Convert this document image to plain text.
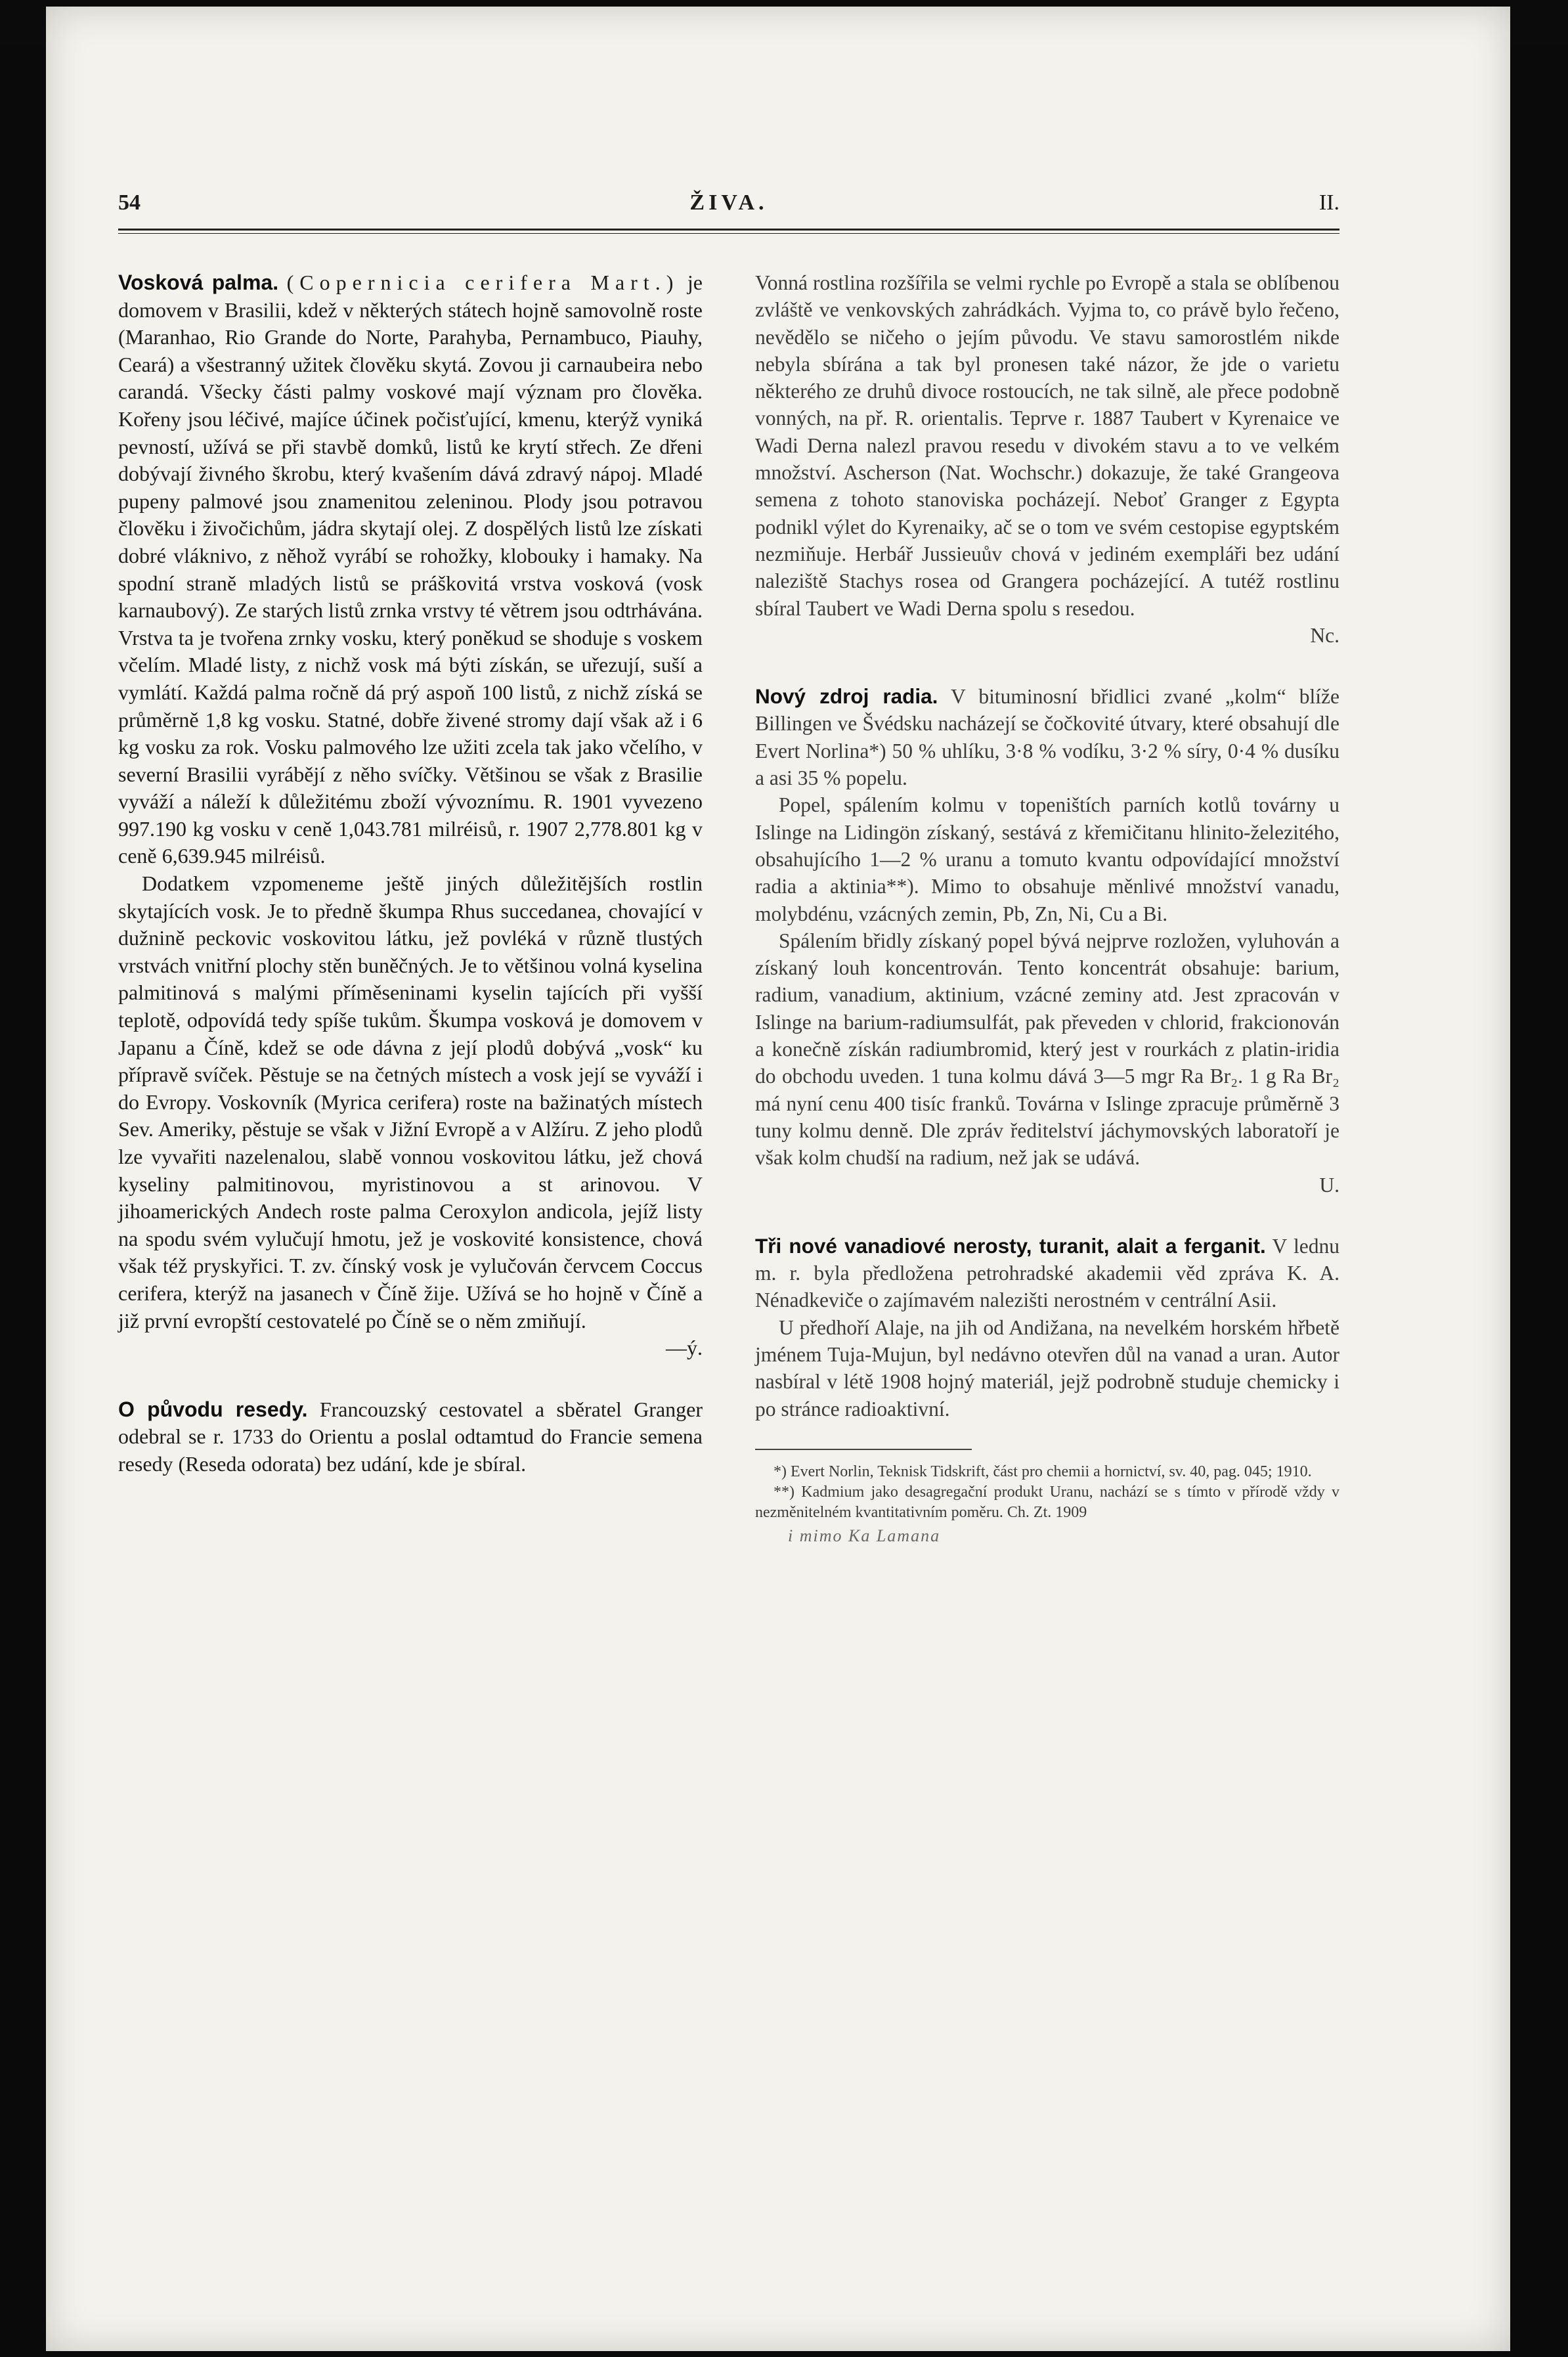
54	ŽIVA.	II.

Vosková palma. (Copernicia cerifera Mart.) je domovem v Brasilii, kdež v některých státech hojně samovolně roste (Maranhao, Rio Grande do Norte, Parahyba, Pernambuco, Piauhy, Ceará) a všestranný užitek člověku skytá. Zovou ji carnaubeira nebo carandá. Všecky části palmy voskové mají význam pro člověka. Kořeny jsou léčivé, majíce účinek počisťující, kmenu, kterýž vyniká pevností, užívá se při stavbě domků, listů ke krytí střech. Ze dřeni dobývají živného škrobu, který kvašením dává zdravý nápoj. Mladé pupeny palmové jsou znamenitou zeleninou. Plody jsou potravou člověku i živočichům, jádra skytají olej. Z dospělých listů lze získati dobré vláknivo, z něhož vyrábí se rohožky, klobouky i hamaky. Na spodní straně mladých listů se práškovitá vrstva vosková (vosk karnaubový). Ze starých listů zrnka vrstvy té větrem jsou odtrhávána. Vrstva ta je tvořena zrnky vosku, který poněkud se shoduje s voskem včelím. Mladé listy, z nichž vosk má býti získán, se uřezují, suší a vymlátí. Každá palma ročně dá prý aspoň 100 listů, z nichž získá se průměrně 1,8 kg vosku. Statné, dobře živené stromy dají však až i 6 kg vosku za rok. Vosku palmového lze užiti zcela tak jako včelího, v severní Brasilii vyrábějí z něho svíčky. Většinou se však z Brasilie vyváží a náleží k důležitému zboží vývoznímu. R. 1901 vyvezeno 997.190 kg vosku v ceně 1,043.781 milréisů, r. 1907 2,778.801 kg v ceně 6,639.945 milréisů.

Dodatkem vzpomeneme ještě jiných důležitějších rostlin skytajících vosk. Je to předně škumpa Rhus succedanea, chovající v dužnině peckovic voskovitou látku, jež povléká v různě tlustých vrstvách vnitřní plochy stěn buněčných. Je to většinou volná kyselina palmitinová s malými příměseninami kyselin tajících při vyšší teplotě, odpovídá tedy spíše tukům. Škumpa vosková je domovem v Japanu a Číně, kdež se ode dávna z její plodů dobývá „vosk“ ku přípravě svíček. Pěstuje se na četných místech a vosk její se vyváží i do Evropy. Voskovník (Myrica cerifera) roste na bažinatých místech Sev. Ameriky, pěstuje se však v Jižní Evropě a v Alžíru. Z jeho plodů lze vyvařiti nazelenalou, slabě vonnou voskovitou látku, jež chová kyseliny palmitinovou, myristinovou a st arinovou. V jihoamerických Andech roste palma Ceroxylon andicola, jejíž listy na spodu svém vylučují hmotu, jež je voskovité konsistence, chová však též pryskyřici. T. zv. čínský vosk je vylučován červcem Coccus cerifera, kterýž na jasanech v Číně žije. Užívá se ho hojně v Číně a již první evropští cestovatelé po Číně se o něm zmiňují.

—ý.

O původu resedy. Francouzský cestovatel a sběratel Granger odebral se r. 1733 do Orientu a poslal odtamtud do Francie semena resedy (Reseda odorata) bez udání, kde je sbíral.

Vonná rostlina rozšířila se velmi rychle po Evropě a stala se oblíbenou zvláště ve venkovských zahrádkách. Vyjma to, co právě bylo řečeno, nevědělo se ničeho o jejím původu. Ve stavu samorostlém nikde nebyla sbírána a tak byl pronesen také názor, že jde o varietu některého ze druhů divoce rostoucích, ne tak silně, ale přece podobně vonných, na př. R. orientalis. Teprve r. 1887 Taubert v Kyrenaice ve Wadi Derna nalezl pravou resedu v divokém stavu a to ve velkém množství. Ascherson (Nat. Wochschr.) dokazuje, že také Grangeova semena z tohoto stanoviska pocházejí. Neboť Granger z Egypta podnikl výlet do Kyrenaiky, ač se o tom ve svém cestopise egyptském nezmiňuje. Herbář Jussieuův chová v jediném exempláři bez udání naleziště Stachys rosea od Grangera pocházející. A tutéž rostlinu sbíral Taubert ve Wadi Derna spolu s resedou.

Nc.

Nový zdroj radia. V bituminosní břidlici zvané „kolm“ blíže Billingen ve Švédsku nacházejí se čočkovité útvary, které obsahují dle Evert Norlina*) 50 % uhlíku, 3·8 % vodíku, 3·2 % síry, 0·4 % dusíku a asi 35 % popelu.

Popel, spálením kolmu v topeništích parních kotlů továrny u Islinge na Lidingön získaný, sestává z křemičitanu hlinito-železitého, obsahujícího 1—2 % uranu a tomuto kvantu odpovídající množství radia a aktinia**). Mimo to obsahuje měnlivé množství vanadu, molybdénu, vzácných zemin, Pb, Zn, Ni, Cu a Bi.

Spálením břidly získaný popel bývá nejprve rozložen, vyluhován a získaný louh koncentrován. Tento koncentrát obsahuje: barium, radium, vanadium, aktinium, vzácné zeminy atd. Jest zpracován v Islinge na barium-radiumsulfát, pak převeden v chlorid, frakcionován a konečně získán radiumbromid, který jest v rourkách z platin-iridia do obchodu uveden. 1 tuna kolmu dává 3—5 mgr Ra Br₂. 1 g Ra Br₂ má nyní cenu 400 tisíc franků. Továrna v Islinge zpracuje průměrně 3 tuny kolmu denně. Dle zpráv ředitelství jáchymovských laboratoří je však kolm chudší na radium, než jak se udává.

U.

Tři nové vanadiové nerosty, turanit, alait a ferganit. V lednu m. r. byla předložena petrohradské akademii věd zpráva K. A. Nénadkeviče o zajímavém nalezišti nerostném v centrální Asii.

U předhoří Alaje, na jih od Andižana, na nevelkém horském hřbetě jménem Tuja-Mujun, byl nedávno otevřen důl na vanad a uran. Autor nasbíral v létě 1908 hojný materiál, jejž podrobně studuje chemicky i po stránce radioaktivní.

*) Evert Norlin, Teknisk Tidskrift, část pro chemii a hornictví, sv. 40, pag. 045; 1910.

**) Kadmium jako desagregační produkt Uranu, nachází se s tímto v přírodě vždy v nezměnitelném kvantitativním poměru. Ch. Zt. 1909

i mimo Ka Lamana
